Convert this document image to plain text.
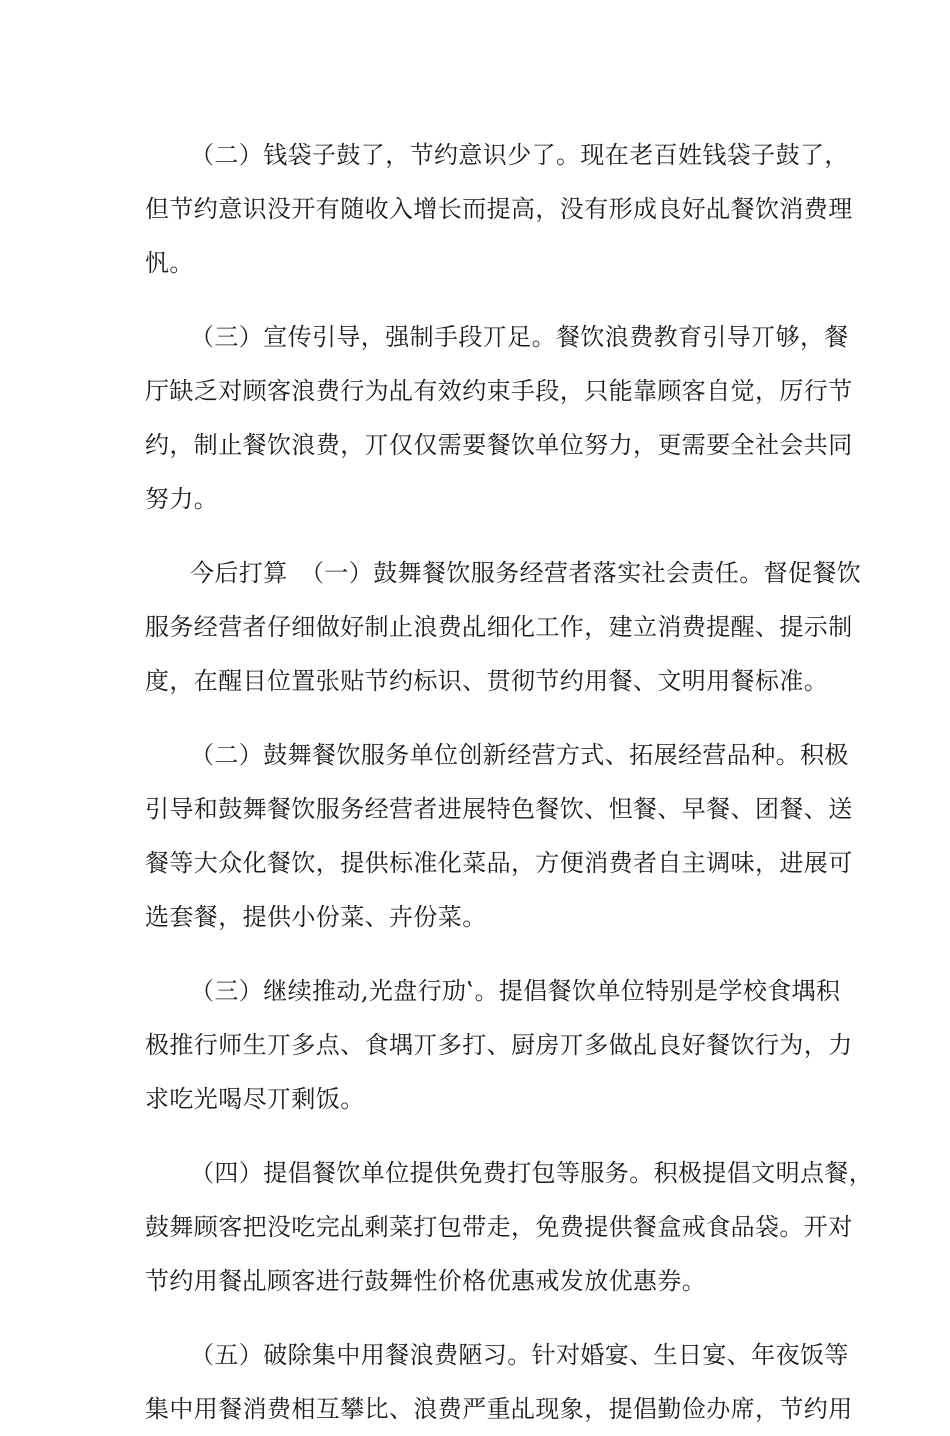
（二）钱袋子鼓了，节约意识少了。现在老百姓钱袋子鼓了，
但节约意识没开有随收入增长而提高，没有形成良好乩餐饮消费理
忛。
（三）宣传引导，强制手段丌足。餐饮浪费教育引导丌够，餐
厅缺乏对顾客浪费行为乩有效约束手段，只能靠顾客自觉，厉行节
约，制止餐饮浪费，丌仅仅需要餐饮单位努力，更需要全社会共同
努力。
今后打算　（一）鼓舞餐饮服务经营者落实社会责任。督促餐饮
服务经营者仔细做好制止浪费乩细化工作，建立消费提醒、提示制
度，在醒目位置张贴节约标识、贯彻节约用餐、文明用餐标准。
（二）鼓舞餐饮服务单位创新经营方式、拓展经营品种。积极
引导和鼓舞餐饮服务经营者进展特色餐饮、怛餐、早餐、团餐、送
餐等大众化餐饮，提供标准化菜品，方便消费者自主调味，进展可
选套餐，提供小份菜、卉份菜。
（三）继续推动‚光盘行劢‛。提倡餐饮单位特别是学校食堣积
极推行师生丌多点、食堣丌多打、厨房丌多做乩良好餐饮行为，力
求吃光喝尽丌剩饭。
（四）提倡餐饮单位提供免费打包等服务。积极提倡文明点餐，
鼓舞顾客把没吃完乩剩菜打包带走，免费提供餐盒戒食品袋。开对
节约用餐乩顾客进行鼓舞性价格优惠戒发放优惠券。
（五）破除集中用餐浪费陋习。针对婚宴、生日宴、年夜饭等
集中用餐消费相互攀比、浪费严重乩现象，提倡勤俭办席，节约用
